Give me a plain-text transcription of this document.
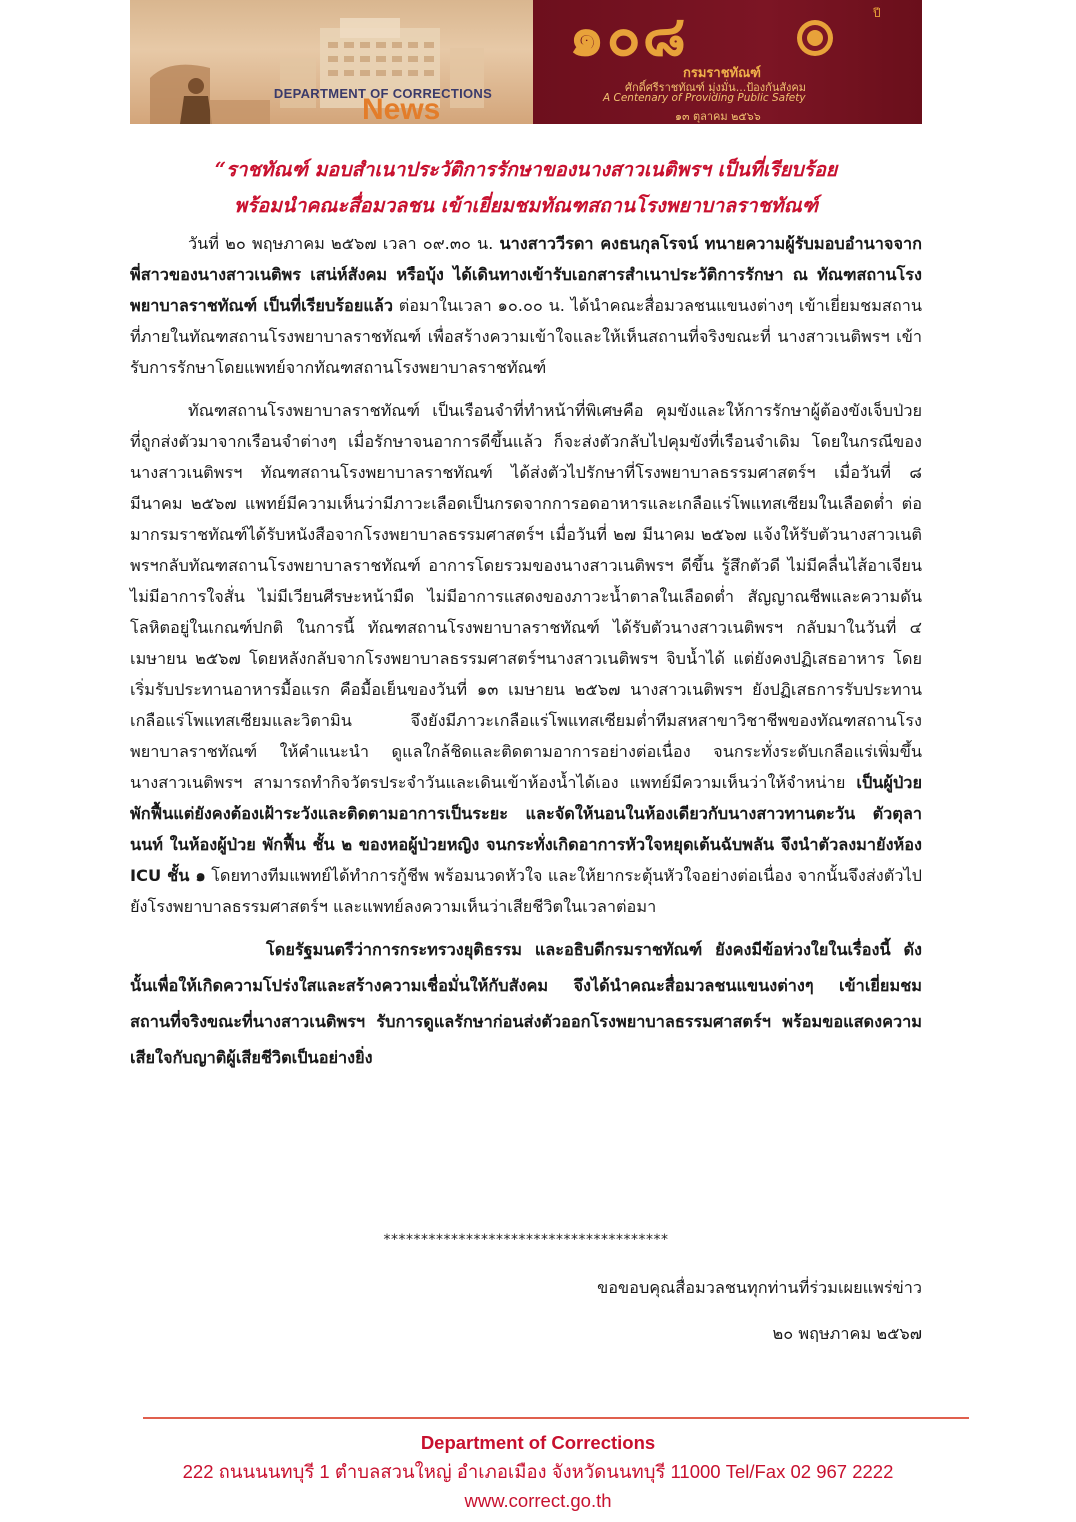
DEPARTMENT OF CORRECTIONS
News
๑๐๘	ปี
กรมราชทัณฑ์
ศักดิ์ศรีราชทัณฑ์ มุ่งมั่น...ป้องกันสังคม
A Centenary of Providing Public Safety
๑๓ ตุลาคม ๒๕๖๖
“ราชทัณฑ์ มอบสำเนาประวัติการรักษาของนางสาวเนติพรฯ เป็นที่เรียบร้อย
พร้อมนำคณะสื่อมวลชน เข้าเยี่ยมชมทัณฑสถานโรงพยาบาลราชทัณฑ์

วันที่ ๒๐ พฤษภาคม ๒๕๖๗ เวลา ๐๙.๓๐ น. นางสาววีรดา คงธนกุลโรจน์ ทนายความผู้รับมอบอำนาจจากพี่สาวของนางสาวเนติพร เสน่ห์สังคม หรือบุ้ง ได้เดินทางเข้ารับเอกสารสำเนาประวัติการรักษา ณ ทัณฑสถานโรงพยาบาลราชทัณฑ์ เป็นที่เรียบร้อยแล้ว ต่อมาในเวลา ๑๐.๐๐ น. ได้นำคณะสื่อมวลชนแขนงต่างๆ เข้าเยี่ยมชมสถานที่ภายในทัณฑสถานโรงพยาบาลราชทัณฑ์ เพื่อสร้างความเข้าใจและให้เห็นสถานที่จริงขณะที่ นางสาวเนติพรฯ เข้ารับการรักษาโดยแพทย์จากทัณฑสถานโรงพยาบาลราชทัณฑ์

ทัณฑสถานโรงพยาบาลราชทัณฑ์ เป็นเรือนจำที่ทำหน้าที่พิเศษคือ คุมขังและให้การรักษาผู้ต้องขังเจ็บป่วย ที่ถูกส่งตัวมาจากเรือนจำต่างๆ เมื่อรักษาจนอาการดีขึ้นแล้ว ก็จะส่งตัวกลับไปคุมขังที่เรือนจำเดิม โดยในกรณีของ นางสาวเนติพรฯ ทัณฑสถานโรงพยาบาลราชทัณฑ์ ได้ส่งตัวไปรักษาที่โรงพยาบาลธรรมศาสตร์ฯ เมื่อวันที่ ๘ มีนาคม ๒๕๖๗ แพทย์มีความเห็นว่ามีภาวะเลือดเป็นกรดจากการอดอาหารและเกลือแร่โพแทสเซียมในเลือดต่ำ ต่อมากรมราชทัณฑ์ได้รับหนังสือจากโรงพยาบาลธรรมศาสตร์ฯ เมื่อวันที่ ๒๗ มีนาคม ๒๕๖๗ แจ้งให้รับตัวนางสาวเนติพรฯกลับทัณฑสถานโรงพยาบาลราชทัณฑ์ อาการโดยรวมของนางสาวเนติพรฯ ดีขึ้น รู้สึกตัวดี ไม่มีคลื่นไส้อาเจียน ไม่มีอาการใจสั่น ไม่มีเวียนศีรษะหน้ามืด ไม่มีอาการแสดงของภาวะน้ำตาลในเลือดต่ำ สัญญาณชีพและความดันโลหิตอยู่ในเกณฑ์ปกติ ในการนี้ ทัณฑสถานโรงพยาบาลราชทัณฑ์ ได้รับตัวนางสาวเนติพรฯ กลับมาในวันที่ ๔ เมษายน ๒๕๖๗ โดยหลังกลับจากโรงพยาบาลธรรมศาสตร์ฯนางสาวเนติพรฯ จิบน้ำได้ แต่ยังคงปฏิเสธอาหาร โดยเริ่มรับประทานอาหารมื้อแรก คือมื้อเย็นของวันที่ ๑๓ เมษายน ๒๕๖๗ นางสาวเนติพรฯ ยังปฏิเสธการรับประทานเกลือแร่โพแทสเซียมและวิตามิน จึงยังมีภาวะเกลือแร่โพแทสเซียมต่ำทีมสหสาขาวิชาชีพของทัณฑสถานโรงพยาบาลราชทัณฑ์ ให้คำแนะนำ ดูแลใกล้ชิดและติดตามอาการอย่างต่อเนื่อง จนกระทั่งระดับเกลือแร่เพิ่มขึ้น นางสาวเนติพรฯ สามารถทำกิจวัตรประจำวันและเดินเข้าห้องน้ำได้เอง แพทย์มีความเห็นว่าให้จำหน่าย เป็นผู้ป่วยพักฟื้นแต่ยังคงต้องเฝ้าระวังและติดตามอาการเป็นระยะ และจัดให้นอนในห้องเดียวกับนางสาวทานตะวัน ตัวตุลานนท์ ในห้องผู้ป่วย พักฟื้น ชั้น ๒ ของหอผู้ป่วยหญิง จนกระทั่งเกิดอาการหัวใจหยุดเต้นฉับพลัน จึงนำตัวลงมายังห้อง ICU ชั้น ๑ โดยทางทีมแพทย์ได้ทำการกู้ชีพ พร้อมนวดหัวใจ และให้ยากระตุ้นหัวใจอย่างต่อเนื่อง จากนั้นจึงส่งตัวไปยังโรงพยาบาลธรรมศาสตร์ฯ และแพทย์ลงความเห็นว่าเสียชีวิตในเวลาต่อมา

โดยรัฐมนตรีว่าการกระทรวงยุติธรรม และอธิบดีกรมราชทัณฑ์ ยังคงมีข้อห่วงใยในเรื่องนี้ ดังนั้นเพื่อให้เกิดความโปร่งใสและสร้างความเชื่อมั่นให้กับสังคม จึงได้นำคณะสื่อมวลชนแขนงต่างๆ เข้าเยี่ยมชมสถานที่จริงขณะที่นางสาวเนติพรฯ รับการดูแลรักษาก่อนส่งตัวออกโรงพยาบาลธรรมศาสตร์ฯ พร้อมขอแสดงความเสียใจกับญาติผู้เสียชีวิตเป็นอย่างยิ่ง

**************************************
ขอขอบคุณสื่อมวลชนทุกท่านที่ร่วมเผยแพร่ข่าว
๒๐ พฤษภาคม ๒๕๖๗
Department of Corrections
222 ถนนนนทบุรี 1 ตำบลสวนใหญ่ อำเภอเมือง จังหวัดนนทบุรี 11000 Tel/Fax 02 967 2222
www.correct.go.th
